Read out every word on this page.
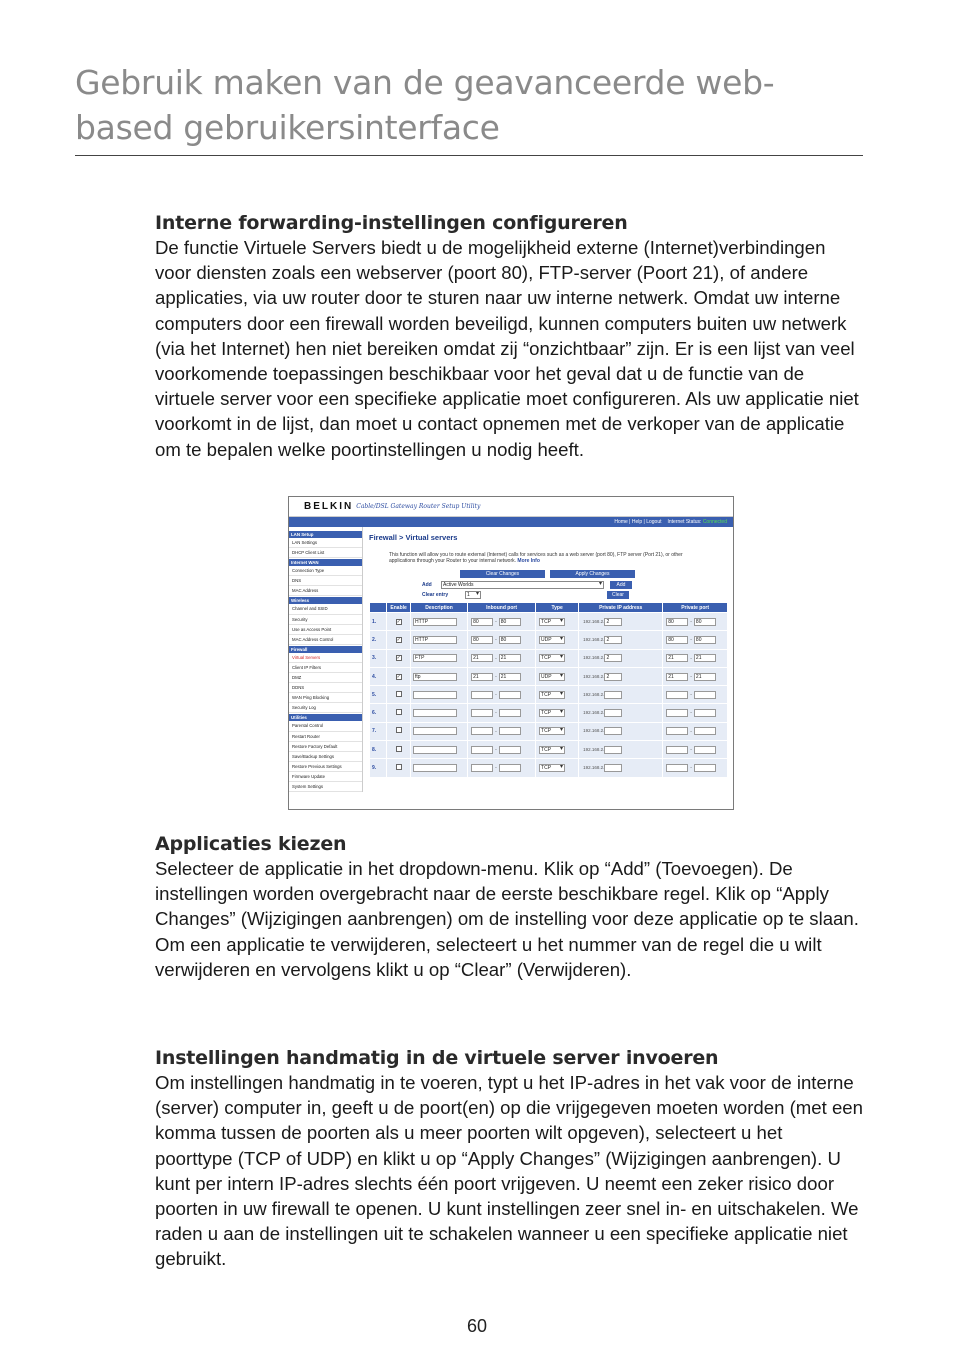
Gebruik maken van de geavanceerde web-based gebruikersinterface
Interne forwarding-instellingen configureren

De functie Virtuele Servers biedt u de mogelijkheid externe (Internet)verbindingen voor diensten zoals een webserver (poort 80), FTP-server (Poort 21), of andere applicaties, via uw router door te sturen naar uw interne netwerk. Omdat uw interne computers door een firewall worden beveiligd, kunnen computers buiten uw netwerk (via het Internet) hen niet bereiken omdat zij “onzichtbaar” zijn. Er is een lijst van veel voorkomende toepassingen beschikbaar voor het geval dat u de functie van de virtuele server voor een specifieke applicatie moet configureren. Als uw applicatie niet voorkomt in de lijst, dan moet u contact opnemen met de verkoper van de applicatie om te bepalen welke poortinstellingen u nodig heeft.

BELKIN Cable/DSL Gateway Router Setup Utility
Home | Help | Logout Internet Status: Connected
LAN Setup
LAN Settings
DHCP Client List
Internet WAN
Connection Type
DNS
MAC Address
Wireless
Channel and SSID
Security
Use as Access Point
MAC Address Control
Firewall
Virtual Servers
Client IP Filters
DMZ
DDNS
WAN Ping Blocking
Security Log
Utilities
Parental Control
Restart Router
Restore Factory Default
Save/Backup Settings
Restore Previous Settings
Firmware Update
System Settings
Firewall > Virtual servers
This function will allow you to route external (Internet) calls for services such as a web server (port 80), FTP server (Port 21), or other applications through your Router to your internal network. More Info
Clear Changes	Apply Changes
Add	Active Worlds ▾	Add
Clear entry	1 ▾	Clear
	Enable	Description	Inbound port	Type	Private IP address	Private port
1.	✓	HTTP	80 - 80	TCP ▾	192.168.2. 2	80 - 80
2.	✓	HTTP	80 - 80	UDP ▾	192.168.2. 2	80 - 80
3.	✓	FTP	21 - 21	TCP ▾	192.168.2. 2	21 - 21
4.	✓	ftp	21 - 21	UDP ▾	192.168.2. 2	21 - 21
5.			-	TCP ▾	192.168.2.	-
6.			-	TCP ▾	192.168.2.	-
7.			-	TCP ▾	192.168.2.	-
8.			-	TCP ▾	192.168.2.	-
9.			-	TCP ▾	192.168.2.	-
Applicaties kiezen

Selecteer de applicatie in het dropdown-menu. Klik op “Add” (Toevoegen). De instellingen worden overgebracht naar de eerste beschikbare regel. Klik op “Apply Changes” (Wijzigingen aanbrengen) om de instelling voor deze applicatie op te slaan. Om een applicatie te verwijderen, selecteert u het nummer van de regel die u wilt verwijderen en vervolgens klikt u op “Clear” (Verwijderen).

Instellingen handmatig in de virtuele server invoeren

Om instellingen handmatig in te voeren, typt u het IP-adres in het vak voor de interne (server) computer in, geeft u de poort(en) op die vrijgegeven moeten worden (met een komma tussen de poorten als u meer poorten wilt opgeven), selecteert u het poorttype (TCP of UDP) en klikt u op “Apply Changes” (Wijzigingen aanbrengen). U kunt per intern IP-adres slechts één poort vrijgeven. U neemt een zeker risico door poorten in uw firewall te openen. U kunt instellingen zeer snel in- en uitschakelen. We raden u aan de instellingen uit te schakelen wanneer u een specifieke applicatie niet gebruikt.

60
